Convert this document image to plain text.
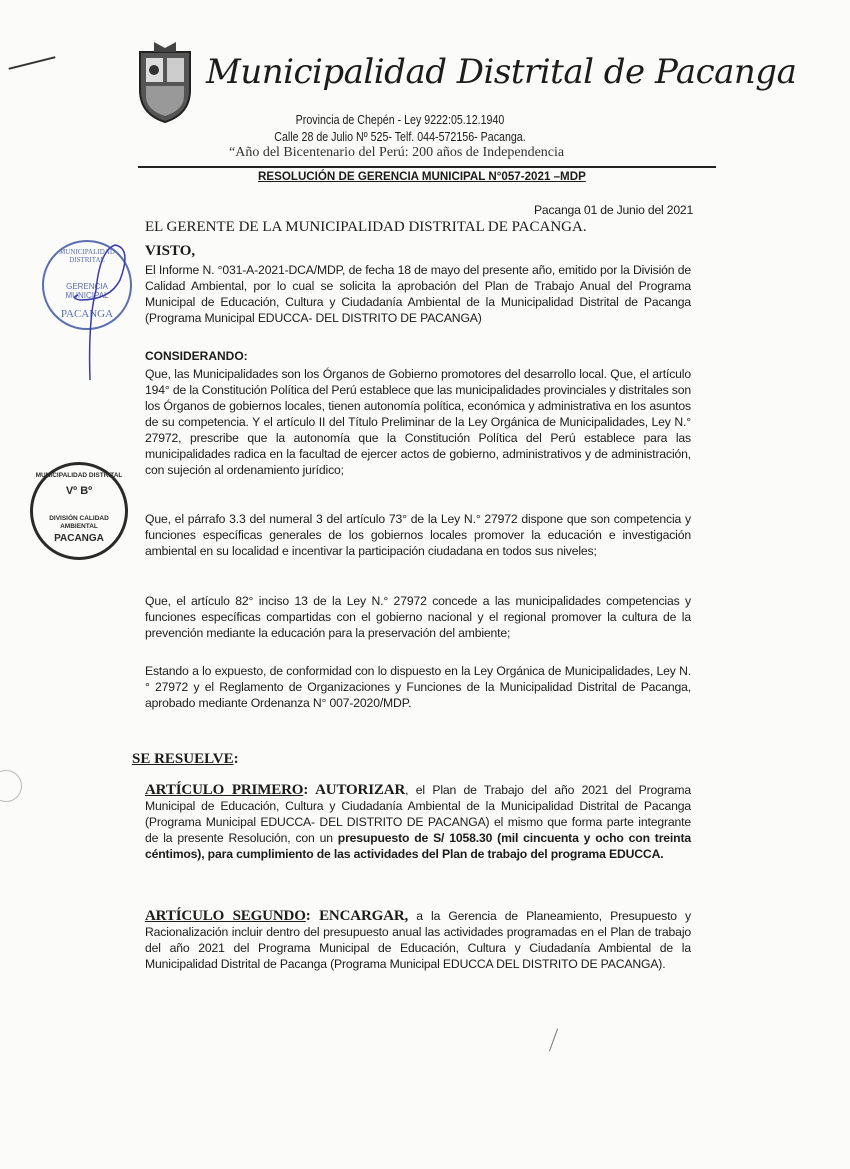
Municipalidad Distrital de Pacanga
Provincia de Chepén - Ley 9222:05.12.1940
Calle 28 de Julio Nº 525- Telf. 044-572156- Pacanga.
“Año del Bicentenario del Perú: 200 años de Independencia
RESOLUCIÓN DE GERENCIA MUNICIPAL N°057-2021 –MDP
Pacanga 01 de Junio del 2021
EL GERENTE DE LA MUNICIPALIDAD DISTRITAL DE PACANGA.
MUNICIPALIDAD DISTRITAL
GERENCIA MUNICIPAL
PACANGA
MUNICIPALIDAD DISTRITAL
Vº Bº
DIVISIÓN CALIDAD AMBIENTAL
PACANGA
VISTO,
El Informe N. °031-A-2021-DCA/MDP, de fecha 18 de mayo del presente año, emitido por la División de Calidad Ambiental, por lo cual se solicita la aprobación del Plan de Trabajo Anual del Programa Municipal de Educación, Cultura y Ciudadanía Ambiental de la Municipalidad Distrital de Pacanga (Programa Municipal EDUCCA- DEL DISTRITO DE PACANGA)
CONSIDERANDO:
Que, las Municipalidades son los Órganos de Gobierno promotores del desarrollo local. Que, el artículo 194° de la Constitución Política del Perú establece que las municipalidades provinciales y distritales son los Órganos de gobiernos locales, tienen autonomía política, económica y administrativa en los asuntos de su competencia. Y el artículo II del Título Preliminar de la Ley Orgánica de Municipalidades, Ley N.° 27972, prescribe que la autonomía que la Constitución Política del Perú establece para las municipalidades radica en la facultad de ejercer actos de gobierno, administrativos y de administración, con sujeción al ordenamiento jurídico;
Que, el párrafo 3.3 del numeral 3 del artículo 73° de la Ley N.° 27972 dispone que son competencia y funciones específicas generales de los gobiernos locales promover la educación e investigación ambiental en su localidad e incentivar la participación ciudadana en todos sus niveles;
Que, el artículo 82° inciso 13 de la Ley N.° 27972 concede a las municipalidades competencias y funciones específicas compartidas con el gobierno nacional y el regional promover la cultura de la prevención mediante la educación para la preservación del ambiente;
Estando a lo expuesto, de conformidad con lo dispuesto en la Ley Orgánica de Municipalidades, Ley N.° 27972 y el Reglamento de Organizaciones y Funciones de la Municipalidad Distrital de Pacanga, aprobado mediante Ordenanza N° 007-2020/MDP.
SE RESUELVE:
ARTÍCULO PRIMERO: AUTORIZAR, el Plan de Trabajo del año 2021 del Programa Municipal de Educación, Cultura y Ciudadanía Ambiental de la Municipalidad Distrital de Pacanga (Programa Municipal EDUCCA- DEL DISTRITO DE PACANGA) el mismo que forma parte integrante de la presente Resolución, con un presupuesto de S/ 1058.30 (mil cincuenta y ocho con treinta céntimos), para cumplimiento de las actividades del Plan de trabajo del programa EDUCCA.
ARTÍCULO SEGUNDO: ENCARGAR, a la Gerencia de Planeamiento, Presupuesto y Racionalización incluir dentro del presupuesto anual las actividades programadas en el Plan de trabajo del año 2021 del Programa Municipal de Educación, Cultura y Ciudadanía Ambiental de la Municipalidad Distrital de Pacanga (Programa Municipal EDUCCA DEL DISTRITO DE PACANGA).
